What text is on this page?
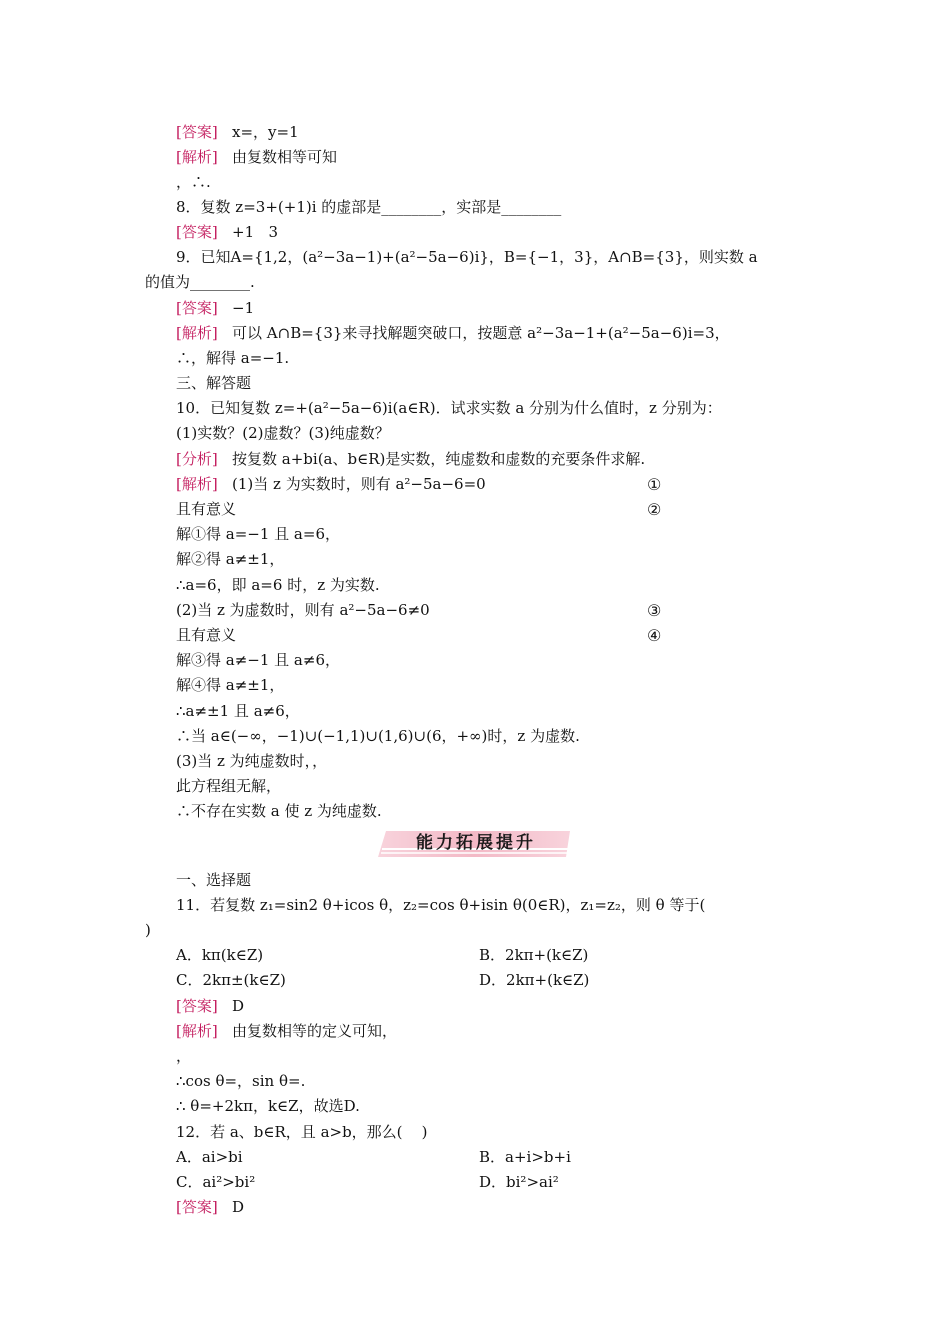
[答案]   x=，y=1
[解析]   由复数相等可知
，∴.
8．复数 z=3+(+1)i 的虚部是________，实部是________
[答案]   +1   3
9．已知A={1,2，(a²−3a−1)+(a²−5a−6)i}，B={−1，3}，A∩B={3}，则实数 a
的值为________.
[答案]   −1
[解析]   可以 A∩B={3}来寻找解题突破口，按题意 a²−3a−1+(a²−5a−6)i=3，
∴，解得 a=−1.
三、解答题
10．已知复数 z=+(a²−5a−6)i(a∈R)．试求实数 a 分别为什么值时，z 分别为：
(1)实数？(2)虚数？(3)纯虚数？
[分析]   按复数 a+bi(a、b∈R)是实数，纯虚数和虚数的充要条件求解.
[解析]   (1)当 z 为实数时，则有 a²−5a−6=0	①
且有意义	②
解①得 a=−1 且 a=6，
解②得 a≠±1，
∴a=6，即 a=6 时，z 为实数.
(2)当 z 为虚数时，则有 a²−5a−6≠0	③
且有意义	④
解③得 a≠−1 且 a≠6，
解④得 a≠±1，
∴a≠±1 且 a≠6，
∴当 a∈(−∞，−1)∪(−1,1)∪(1,6)∪(6，+∞)时，z 为虚数.
(3)当 z 为纯虚数时，，
此方程组无解，
∴不存在实数 a 使 z 为纯虚数.
能力拓展提升
一、选择题
11．若复数 z₁=sin2 θ+icos θ，z₂=cos θ+isin θ(0∈R)，z₁=z₂，则 θ 等于(
)
A．kπ(k∈Z)	B．2kπ+(k∈Z)
C．2kπ±(k∈Z)	D．2kπ+(k∈Z)
[答案]   D
[解析]   由复数相等的定义可知，
，
∴cos θ=，sin θ=.
∴ θ=+2kπ，k∈Z，故选D.
12．若 a、b∈R，且 a>b，那么(    )
A．ai>bi	B．a+i>b+i
C．ai²>bi²	D．bi²>ai²
[答案]   D
